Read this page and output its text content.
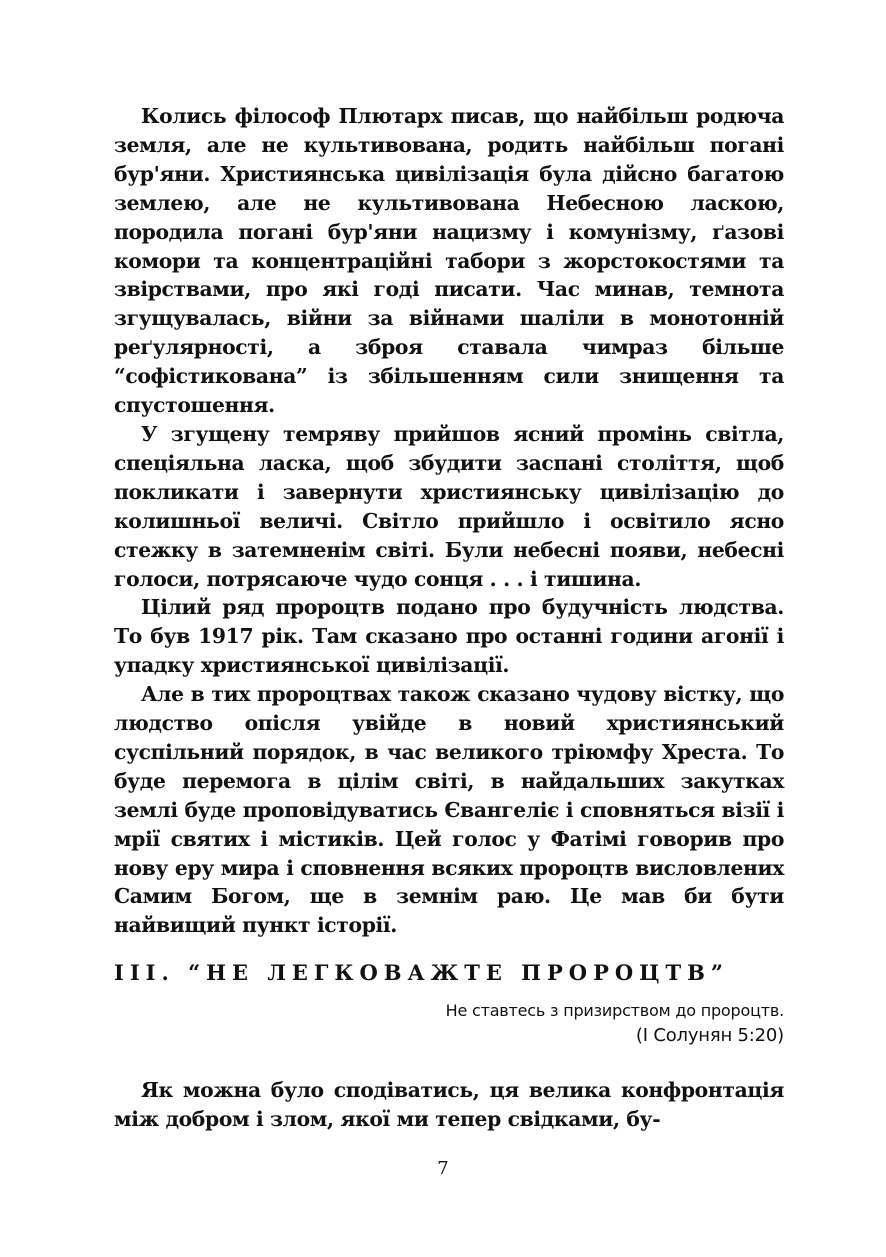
Колись філософ Плютарх писав, що найбільш родюча земля, але не культивована, родить найбільш погані бур'яни. Християнська цивілізація була дійсно багатою землею, але не культивована Небесною ласкою, породила погані бур'яни нацизму і комунізму, ґазові комори та концентраційні табори з жорстокостями та звірствами, про які годі писати. Час минав, темнота згущувалась, війни за війнами шаліли в монотонній реґулярності, а зброя ставала чимраз більше “софістикована” із збільшенням сили знищення та спустошення.

У згущену темряву прийшов ясний промінь світла, спеціяльна ласка, щоб збудити заспані століття, щоб покликати і завернути християнську цивілізацію до колишньої величі. Світло прийшло і освітило ясно стежку в затемненім світі. Були небесні появи, небесні голоси, потрясаюче чудо сонця . . . і тишина.

Цілий ряд пророцтв подано про будучність людства. То був 1917 рік. Там сказано про останні години агонії і упадку християнської цивілізації.

Але в тих пророцтвах також сказано чудову вістку, що людство опісля увійде в новий християнський суспільний порядок, в час великого тріюмфу Хреста. То буде перемога в цілім світі, в найдальших закутках землі буде проповідуватись Євангеліє і сповняться візії і мрії святих і містиків. Цей голос у Фатімі говорив про нову еру мира і сповнення всяких пророцтв висловлених Самим Богом, ще в земнім раю. Це мав би бути найвищий пункт історії.

III. “НЕ ЛЕГКОВАЖТЕ ПРОРОЦТВ”
Не ставтесь з призирством до пророцтв.
(І Солунян 5:20)

Як можна було сподіватись, ця велика конфронтація між добром і злом, якої ми тепер свідками, бу-

7
